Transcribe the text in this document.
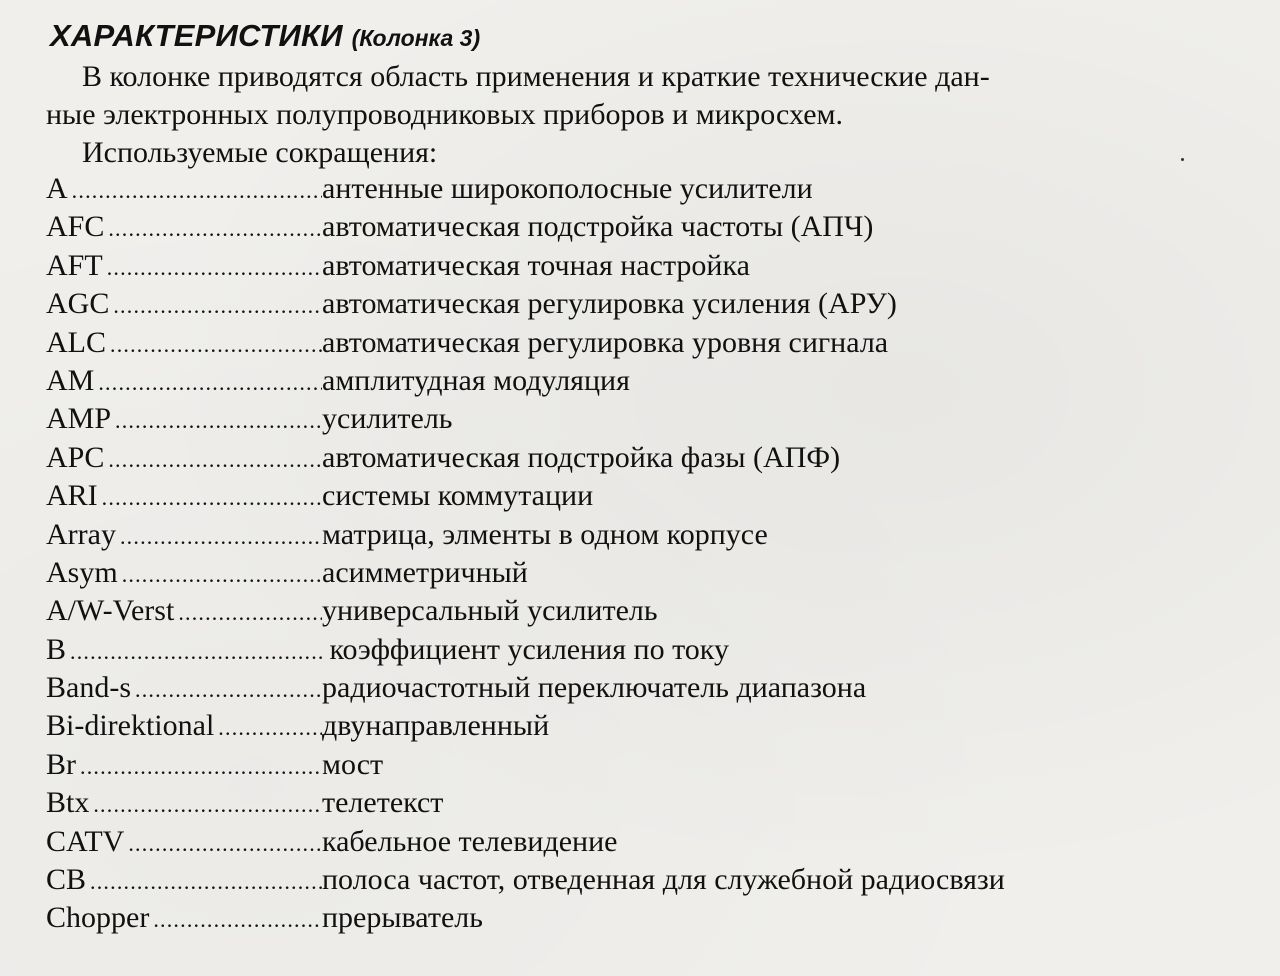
ХАРАКТЕРИСТИКИ (Колонка 3)

В колонке приводятся область применения и краткие технические дан-
ные электронных полупроводниковых приборов и микросхем.

Используемые сокращения:

A .....	антенные широкополосные усилители
AFC .....	автоматическая подстройка частоты (АПЧ)
AFT .....	автоматическая точная настройка
AGC .....	автоматическая регулировка усиления (АРУ)
ALC .....	автоматическая регулировка уровня сигнала
AM .....	амплитудная модуляция
AMP .....	усилитель
APC .....	автоматическая подстройка фазы (АПФ)
ARI .....	системы коммутации
Array .....	матрица, элменты в одном корпусе
Asym .....	асимметричный
A/W-Verst .....	универсальный усилитель
B .....	коэффициент усиления по току
Band-s .....	радиочастотный переключатель диапазона
Bi-direktional .....	двунаправленный
Br .....	мост
Btx .....	телетекст
CATV .....	кабельное телевидение
CB .....	полоса частот, отведенная для служебной радиосвязи
Chopper .....	прерыватель
